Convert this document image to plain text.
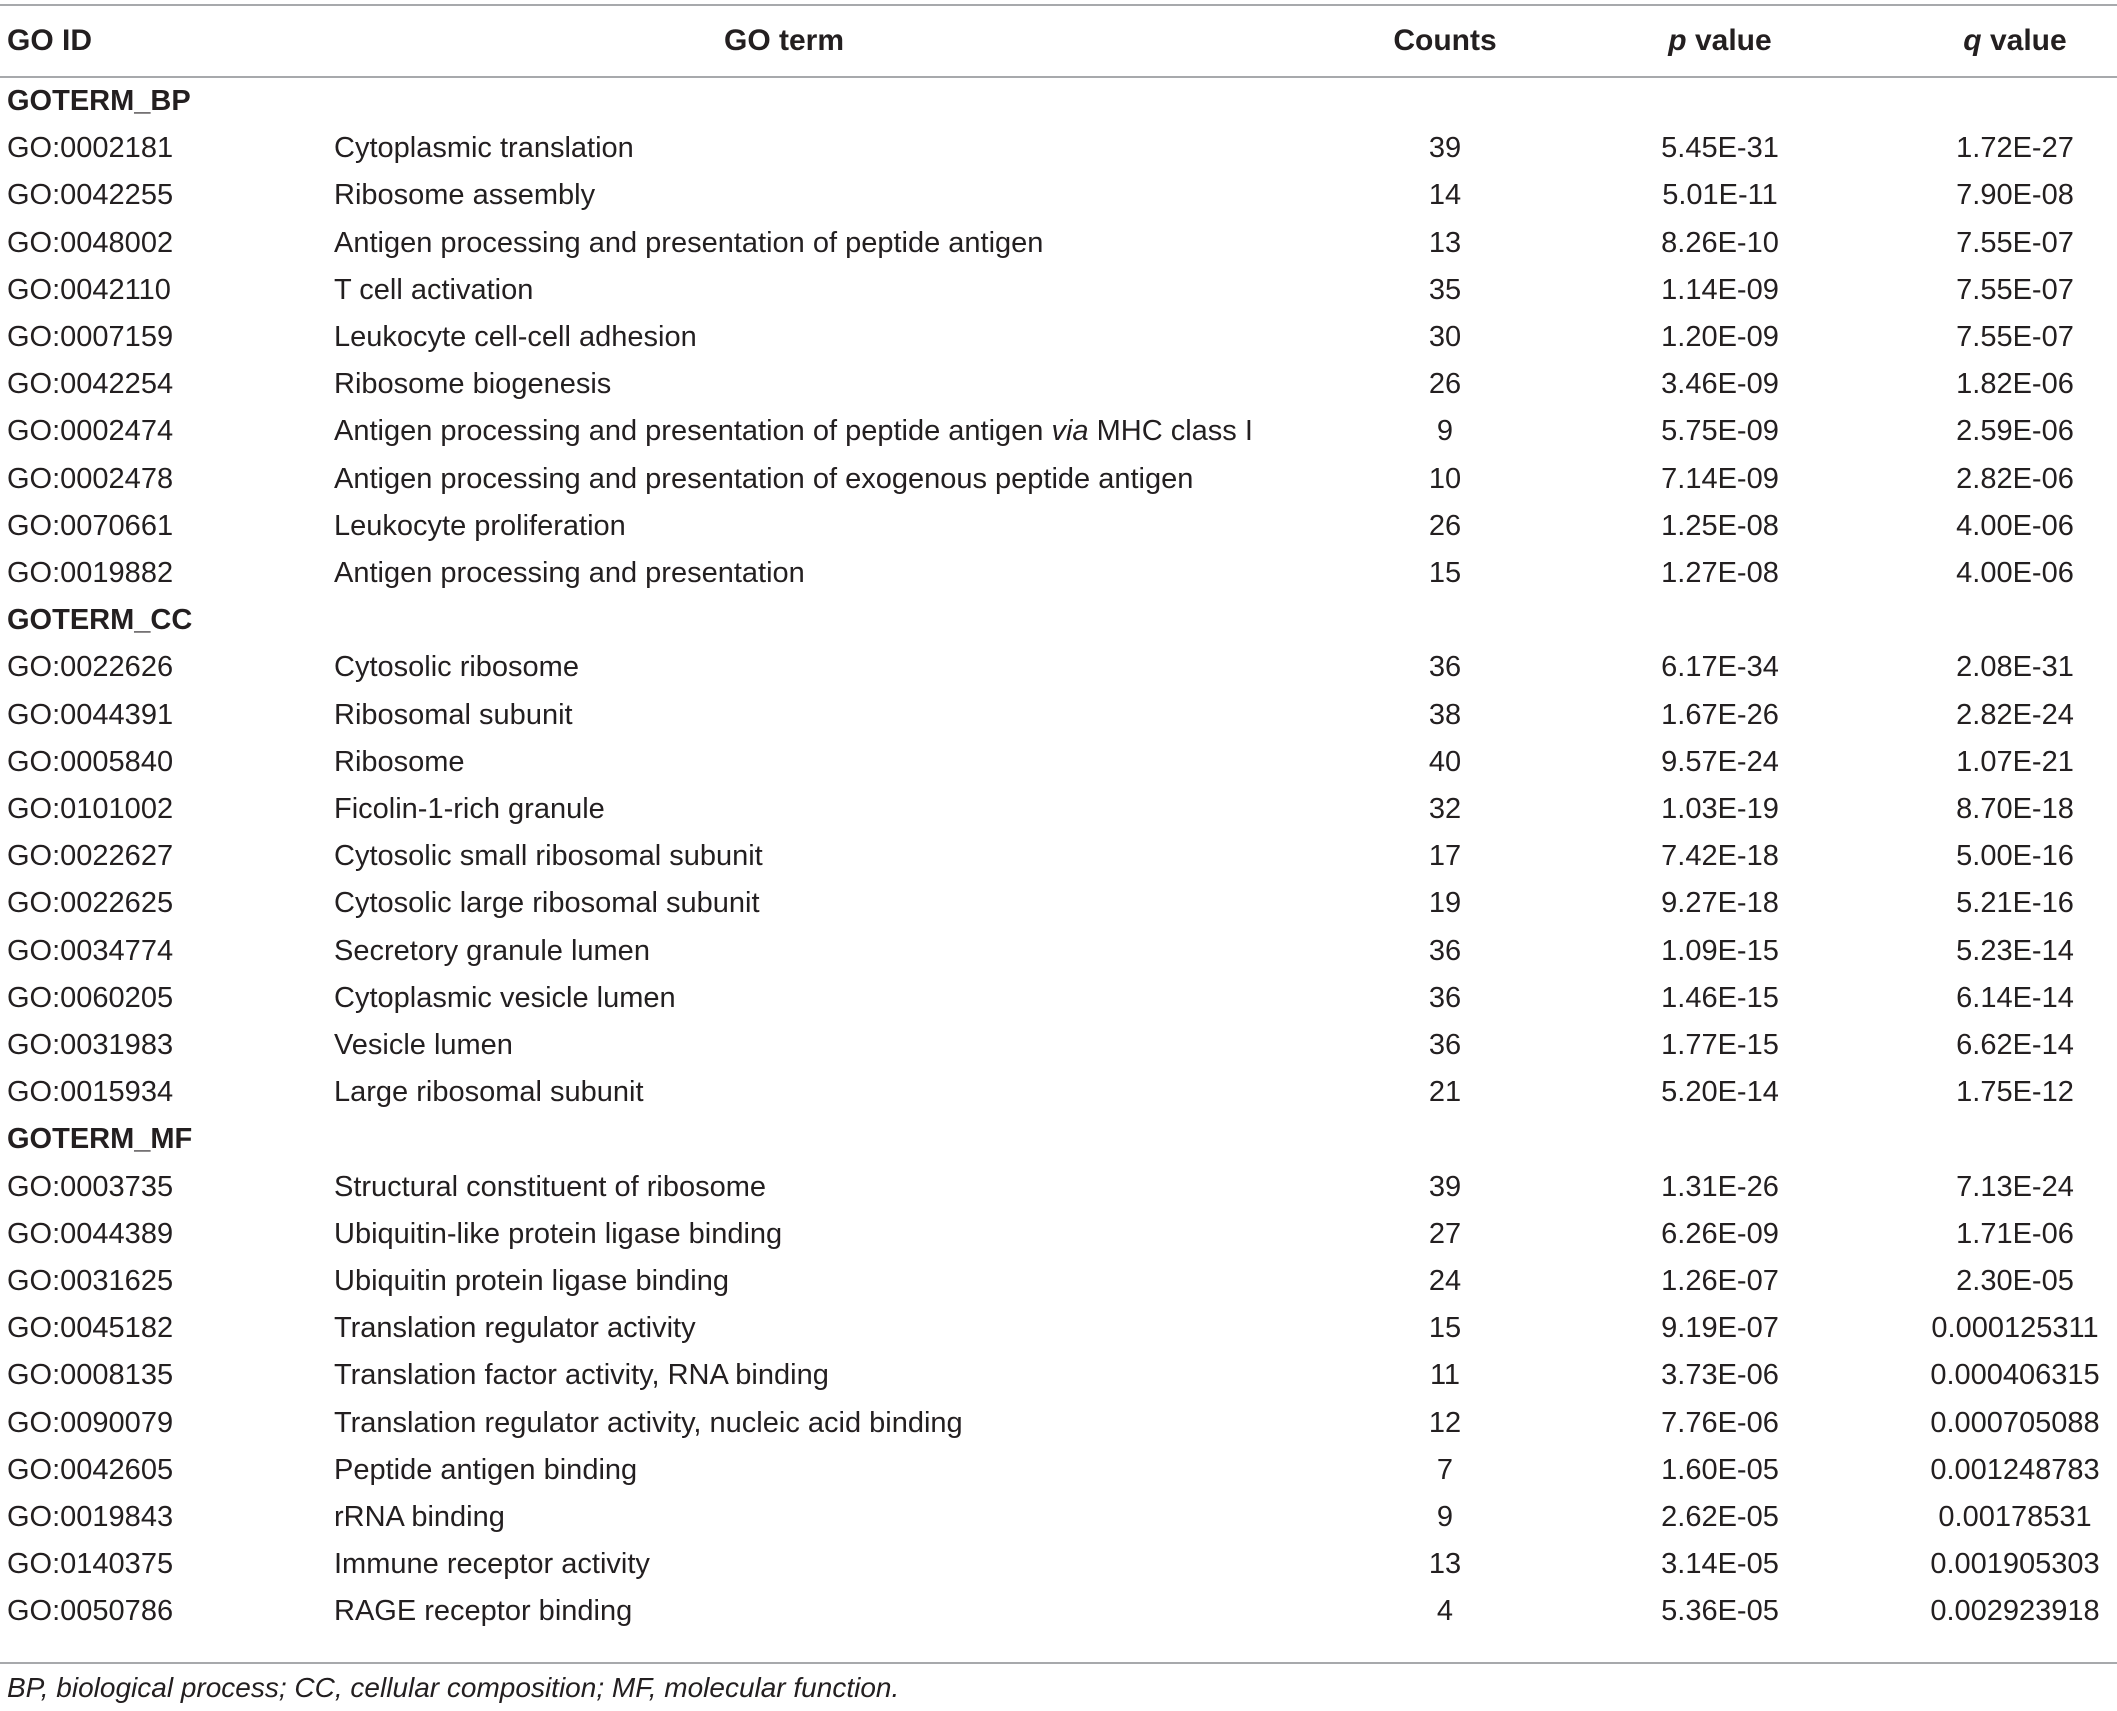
GO ID	GO term	Counts	p value	q value
GOTERM_BP
GO:0002181	Cytoplasmic translation	39	5.45E-31	1.72E-27
GO:0042255	Ribosome assembly	14	5.01E-11	7.90E-08
GO:0048002	Antigen processing and presentation of peptide antigen	13	8.26E-10	7.55E-07
GO:0042110	T cell activation	35	1.14E-09	7.55E-07
GO:0007159	Leukocyte cell-cell adhesion	30	1.20E-09	7.55E-07
GO:0042254	Ribosome biogenesis	26	3.46E-09	1.82E-06
GO:0002474	Antigen processing and presentation of peptide antigen via MHC class I	9	5.75E-09	2.59E-06
GO:0002478	Antigen processing and presentation of exogenous peptide antigen	10	7.14E-09	2.82E-06
GO:0070661	Leukocyte proliferation	26	1.25E-08	4.00E-06
GO:0019882	Antigen processing and presentation	15	1.27E-08	4.00E-06
GOTERM_CC
GO:0022626	Cytosolic ribosome	36	6.17E-34	2.08E-31
GO:0044391	Ribosomal subunit	38	1.67E-26	2.82E-24
GO:0005840	Ribosome	40	9.57E-24	1.07E-21
GO:0101002	Ficolin-1-rich granule	32	1.03E-19	8.70E-18
GO:0022627	Cytosolic small ribosomal subunit	17	7.42E-18	5.00E-16
GO:0022625	Cytosolic large ribosomal subunit	19	9.27E-18	5.21E-16
GO:0034774	Secretory granule lumen	36	1.09E-15	5.23E-14
GO:0060205	Cytoplasmic vesicle lumen	36	1.46E-15	6.14E-14
GO:0031983	Vesicle lumen	36	1.77E-15	6.62E-14
GO:0015934	Large ribosomal subunit	21	5.20E-14	1.75E-12
GOTERM_MF
GO:0003735	Structural constituent of ribosome	39	1.31E-26	7.13E-24
GO:0044389	Ubiquitin-like protein ligase binding	27	6.26E-09	1.71E-06
GO:0031625	Ubiquitin protein ligase binding	24	1.26E-07	2.30E-05
GO:0045182	Translation regulator activity	15	9.19E-07	0.000125311
GO:0008135	Translation factor activity, RNA binding	11	3.73E-06	0.000406315
GO:0090079	Translation regulator activity, nucleic acid binding	12	7.76E-06	0.000705088
GO:0042605	Peptide antigen binding	7	1.60E-05	0.001248783
GO:0019843	rRNA binding	9	2.62E-05	0.00178531
GO:0140375	Immune receptor activity	13	3.14E-05	0.001905303
GO:0050786	RAGE receptor binding	4	5.36E-05	0.002923918
BP, biological process; CC, cellular composition; MF, molecular function.
